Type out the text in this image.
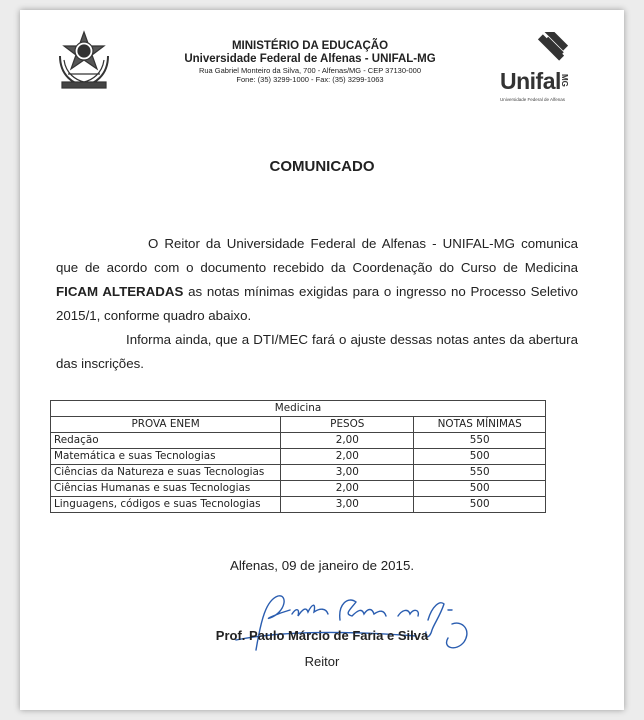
MINISTÉRIO DA EDUCAÇÃO
Universidade Federal de Alfenas - UNIFAL-MG
Rua Gabriel Monteiro da Silva, 700 - Alfenas/MG - CEP 37130-000
Fone: (35) 3299-1000 - Fax: (35) 3299-1063	Unifal MG
Universidade Federal de Alfenas
COMUNICADO

O Reitor da Universidade Federal de Alfenas - UNIFAL-MG comunica que de acordo com o documento recebido da Coordenação do Curso de Medicina FICAM ALTERADAS as notas mínimas exigidas para o ingresso no Processo Seletivo 2015/1, conforme quadro abaixo.

Informa ainda, que a DTI/MEC fará o ajuste dessas notas antes da abertura das inscrições.

Medicina		
PROVA ENEM	PESOS	NOTAS MÍNIMAS
Redação	2,00	550
Matemática e suas Tecnologias	2,00	500
Ciências da Natureza e suas Tecnologias	3,00	550
Ciências Humanas e suas Tecnologias	2,00	500
Linguagens, códigos e suas Tecnologias	3,00	500
Alfenas, 09 de janeiro de 2015.
Prof. Paulo Márcio de Faria e Silva
Reitor
